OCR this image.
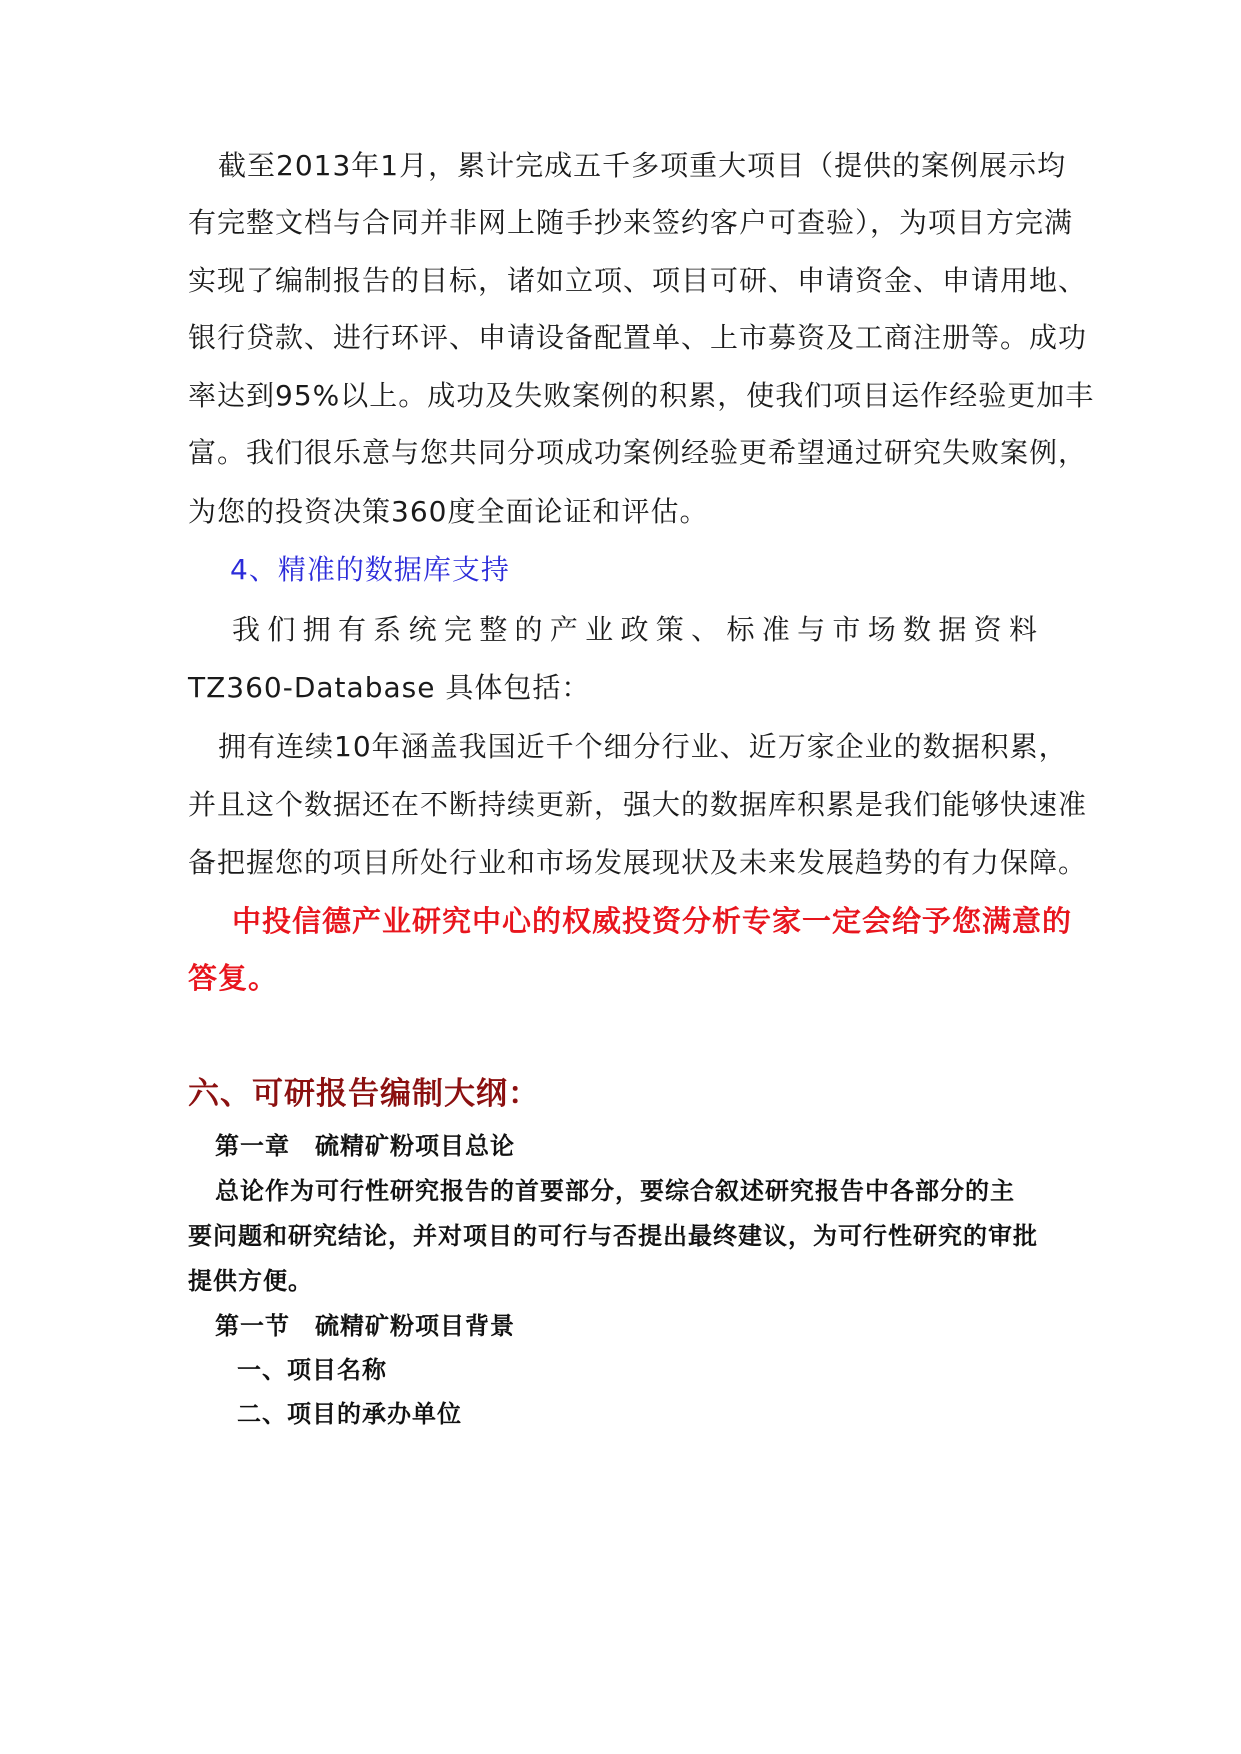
截至2013年1月，累计完成五千多项重大项目（提供的案例展示均
有完整文档与合同并非网上随手抄来签约客户可查验），为项目方完满
实现了编制报告的目标，诸如立项、项目可研、申请资金、申请用地、
银行贷款、进行环评、申请设备配置单、上市募资及工商注册等。成功
率达到95%以上。成功及失败案例的积累，使我们项目运作经验更加丰
富。我们很乐意与您共同分项成功案例经验更希望通过研究失败案例，
为您的投资决策360度全面论证和评估。
4、精准的数据库支持
我们拥有系统完整的产业政策、标准与市场数据资料
TZ360-Database 具体包括：
拥有连续10年涵盖我国近千个细分行业、近万家企业的数据积累，
并且这个数据还在不断持续更新，强大的数据库积累是我们能够快速准
备把握您的项目所处行业和市场发展现状及未来发展趋势的有力保障。
中投信德产业研究中心的权威投资分析专家一定会给予您满意的
答复。
六、可研报告编制大纲：
第一章　硫精矿粉项目总论
总论作为可行性研究报告的首要部分，要综合叙述研究报告中各部分的主
要问题和研究结论，并对项目的可行与否提出最终建议，为可行性研究的审批
提供方便。
第一节　硫精矿粉项目背景
一、项目名称
二、项目的承办单位
